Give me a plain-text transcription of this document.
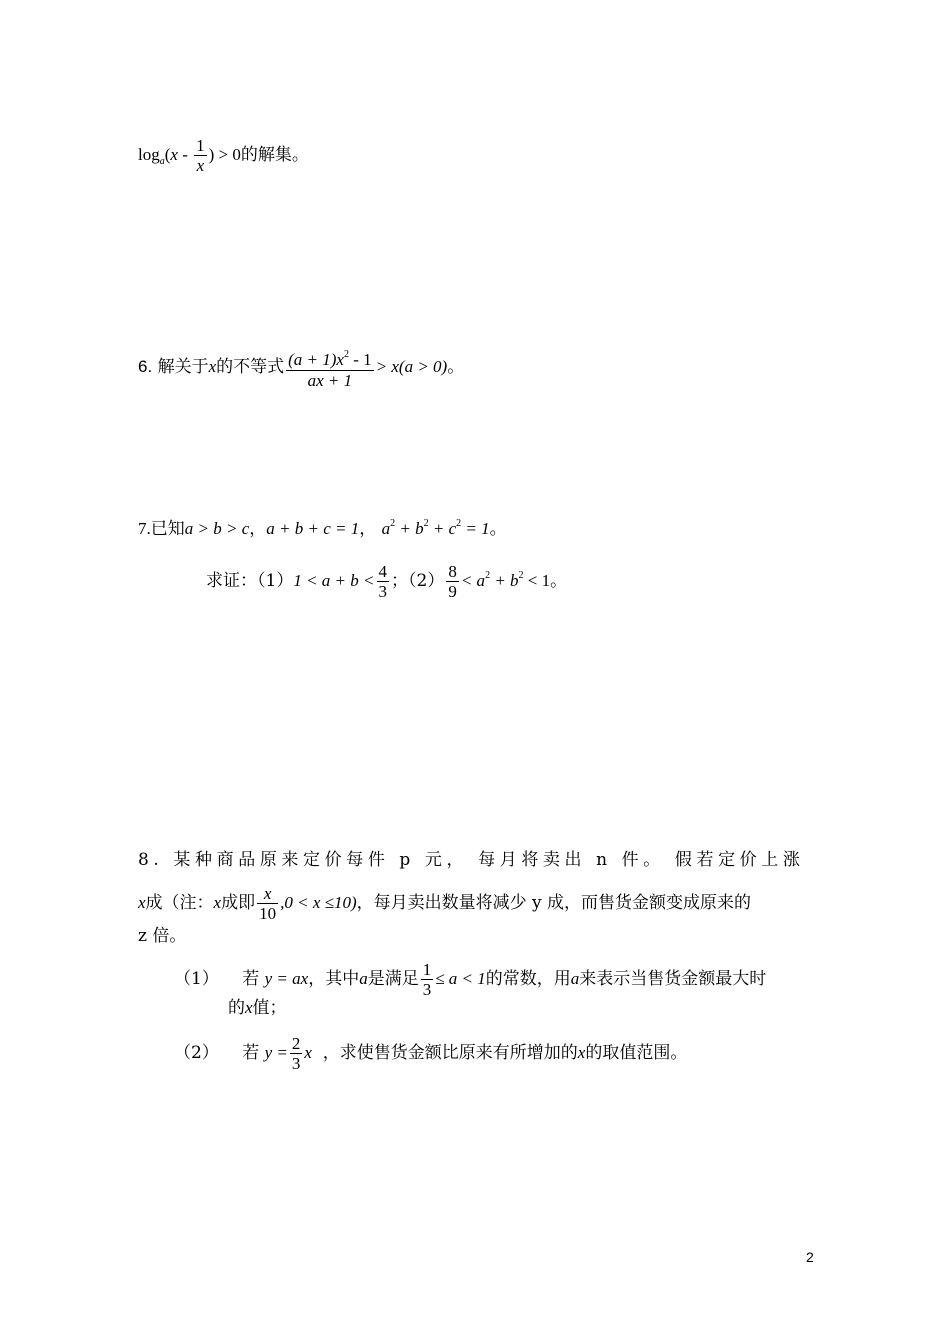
$\log_a(x - \frac{1}{x}$ ) > 0的解集。
6. 解关于x的不等式 $\frac{(a + 1)x^2 - 1}{ax + 1} > x(a > 0)$。
7.已知a > b > c，a + b + c = 1， $a^2 + b^2 + c^2 = 1$。
求证：$(1)1 < a + b < \frac{4}{3}$ ；$(2) \frac{8}{9} < a^2 + b^2 < 1$。
8. 某种商品原来定价每件 p 元， 每月将卖出 n 件。 假若定价上涨
x成（注：x成即 $\frac{x}{10} ,0 < x \le 10$)，每月卖出数量将减少 y 成，而售货金额变成原来的
z 倍。
（1） 若 y = ax，其中a是满足 $\frac{1}{3} \le a < 1$的常数，用a来表示当售货金额最大时
的x值；
（2） 若 $y = \frac{2}{3}$ x ，求使售货金额比原来有所增加的x的取值范围。
2
